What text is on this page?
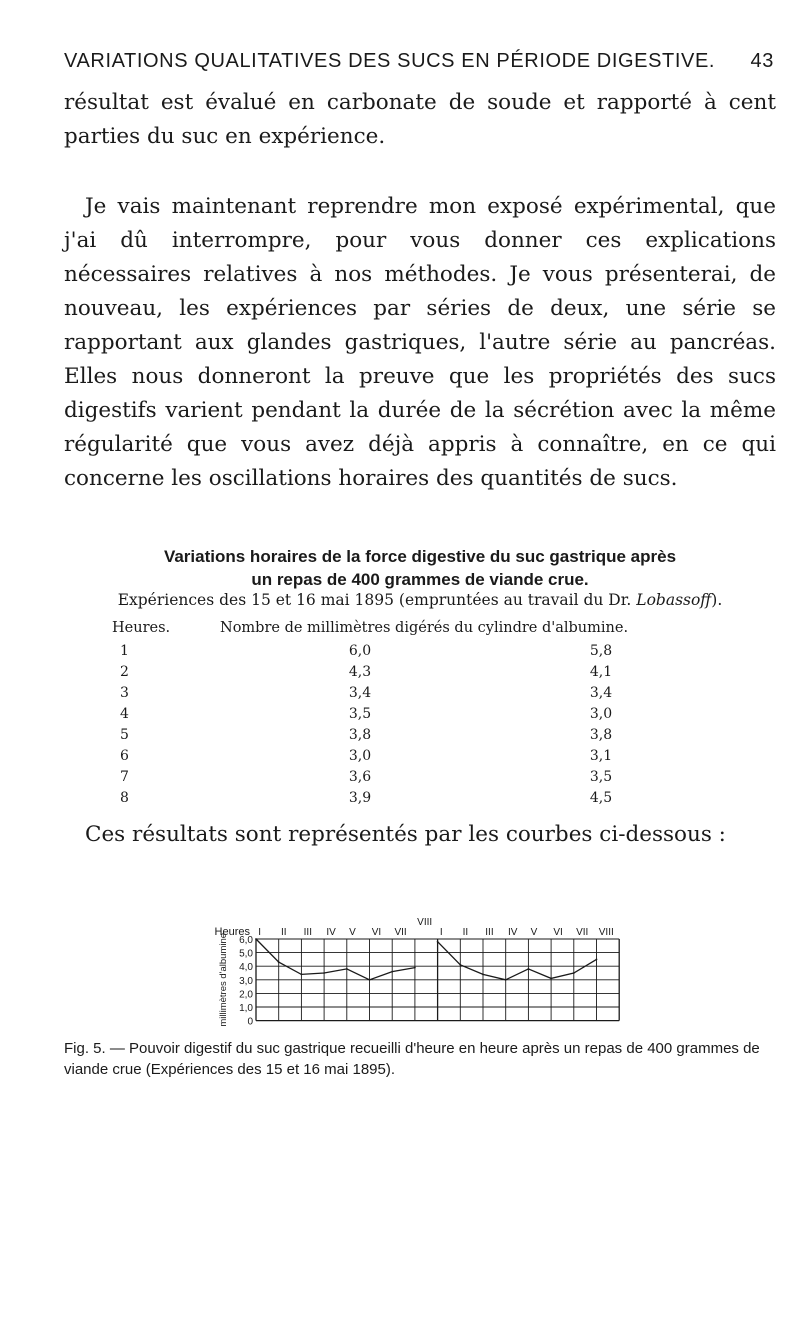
VARIATIONS QUALITATIVES DES SUCS EN PÉRIODE DIGESTIVE. 43

résultat est évalué en carbonate de soude et rapporté à cent parties du suc en expérience.

Je vais maintenant reprendre mon exposé expérimental, que j'ai dû interrompre, pour vous donner ces explications nécessaires relatives à nos méthodes. Je vous présenterai, de nouveau, les expériences par séries de deux, une série se rapportant aux glandes gastriques, l'autre série au pancréas. Elles nous donneront la preuve que les propriétés des sucs digestifs varient pendant la durée de la sécrétion avec la même régularité que vous avez déjà appris à connaître, en ce qui concerne les oscillations horaires des quantités de sucs.

Variations horaires de la force digestive du suc gastrique après
un repas de 400 grammes de viande crue.
Expériences des 15 et 16 mai 1895 (empruntées au travail du Dr. Lobassoff).
Heures.	Nombre de millimètres digérés du cylindre d'albumine.	
1	6,0	5,8
2	4,3	4,1
3	3,4	3,4
4	3,5	3,0
5	3,8	3,8
6	3,0	3,1
7	3,6	3,5
8	3,9	4,5

Ces résultats sont représentés par les courbes ci-dessous :

Heures I II III IV V VI VII
VIII
I II III IV V VI VII VIII
6,0
5,0
4,0
3,0
2,0
1,0
0
millimètres d'albumine
Fig. 5. — Pouvoir digestif du suc gastrique recueilli d'heure en heure après un repas de 400 grammes de viande crue (Expériences des 15 et 16 mai 1895).
